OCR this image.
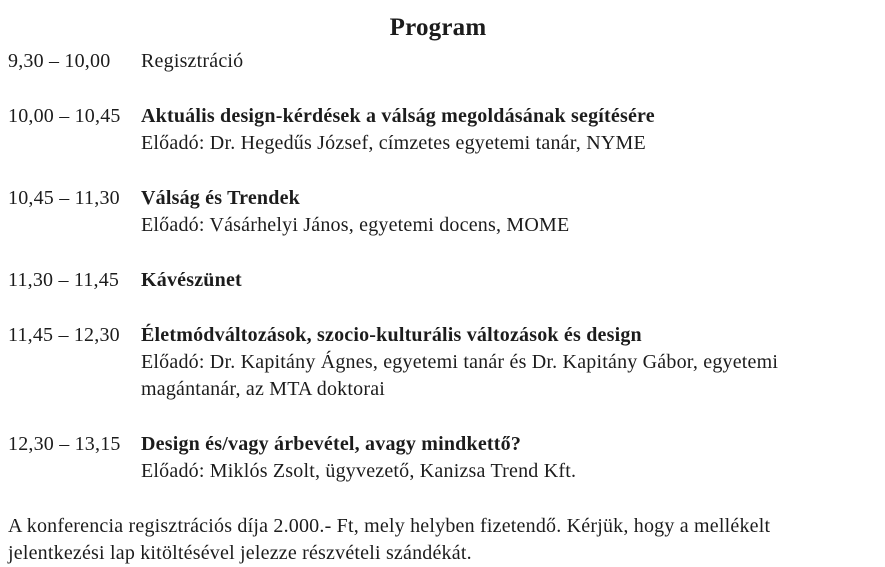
Program
9,30 – 10,00	Regisztráció
10,00 – 10,45	Aktuális design-kérdések a válság megoldásának segítésére
Előadó: Dr. Hegedűs József, címzetes egyetemi tanár, NYME
10,45 – 11,30	Válság és Trendek
Előadó: Vásárhelyi János, egyetemi docens, MOME
11,30 – 11,45	Kávészünet
11,45 – 12,30	Életmódváltozások, szocio-kulturális változások és design
Előadó: Dr. Kapitány Ágnes, egyetemi tanár és Dr. Kapitány Gábor, egyetemi magántanár, az MTA doktorai
12,30 – 13,15	Design és/vagy árbevétel, avagy mindkettő?
Előadó: Miklós Zsolt, ügyvezető, Kanizsa Trend Kft.
A konferencia regisztrációs díja 2.000.- Ft, mely helyben fizetendő. Kérjük, hogy a mellékelt jelentkezési lap kitöltésével jelezze részvételi szándékát.
